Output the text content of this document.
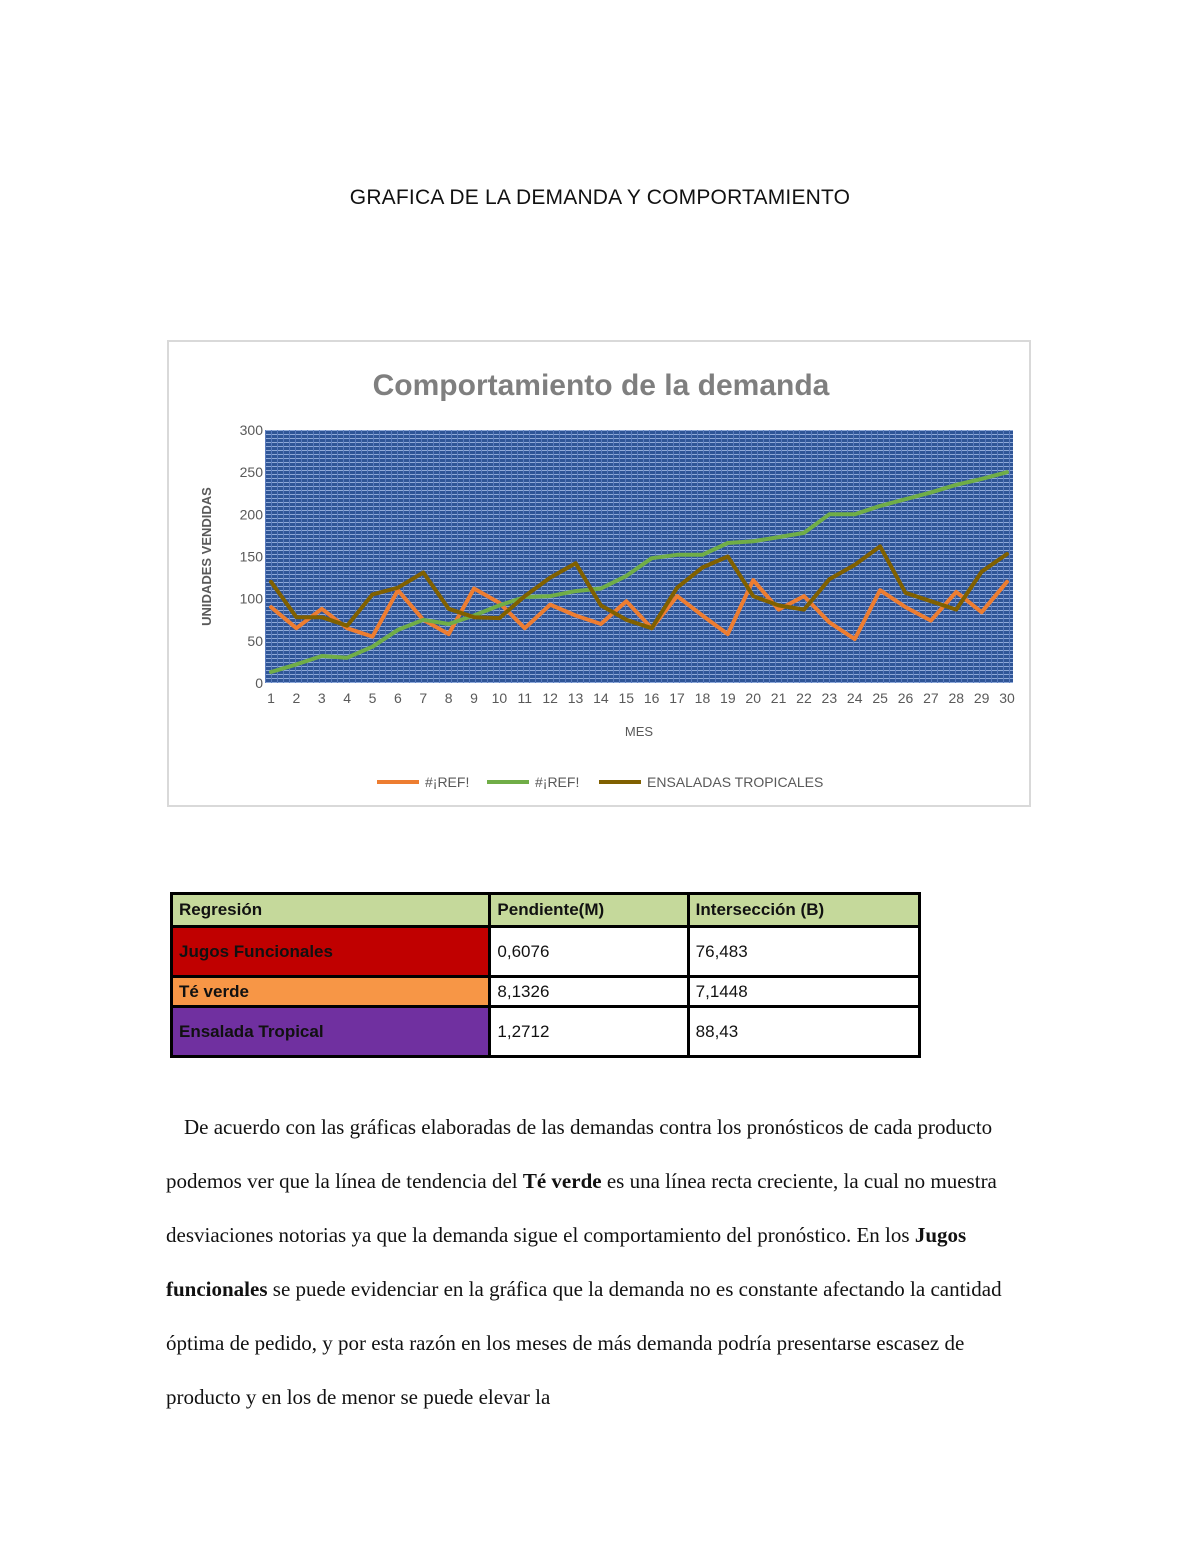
GRAFICA DE LA DEMANDA Y COMPORTAMIENTO
Comportamiento de la demanda
0
50
100
150
200
250
300
1 2 3 4 5 6 7 8 9 10 11 12 13 14 15 16 17 18 19 20 21 22 23 24 25 26 27 28 29 30
UNIDADES VENDIDAS
MES
#¡REF!	#¡REF!	ENSALADAS TROPICALES
Regresión	Pendiente(M)	Intersección (B)
Jugos Funcionales	0,6076	76,483
Té verde	8,1326	7,1448
Ensalada Tropical	1,2712	88,43

De acuerdo con las gráficas elaboradas de las demandas contra los pronósticos de cada producto podemos ver que la línea de tendencia del Té verde es una línea recta creciente, la cual no muestra desviaciones notorias ya que la demanda sigue el comportamiento del pronóstico. En los Jugos funcionales se puede evidenciar en la gráfica que la demanda no es constante afectando la cantidad óptima de pedido, y por esta razón en los meses de más demanda podría presentarse escasez de producto y en los de menor se puede elevar la
